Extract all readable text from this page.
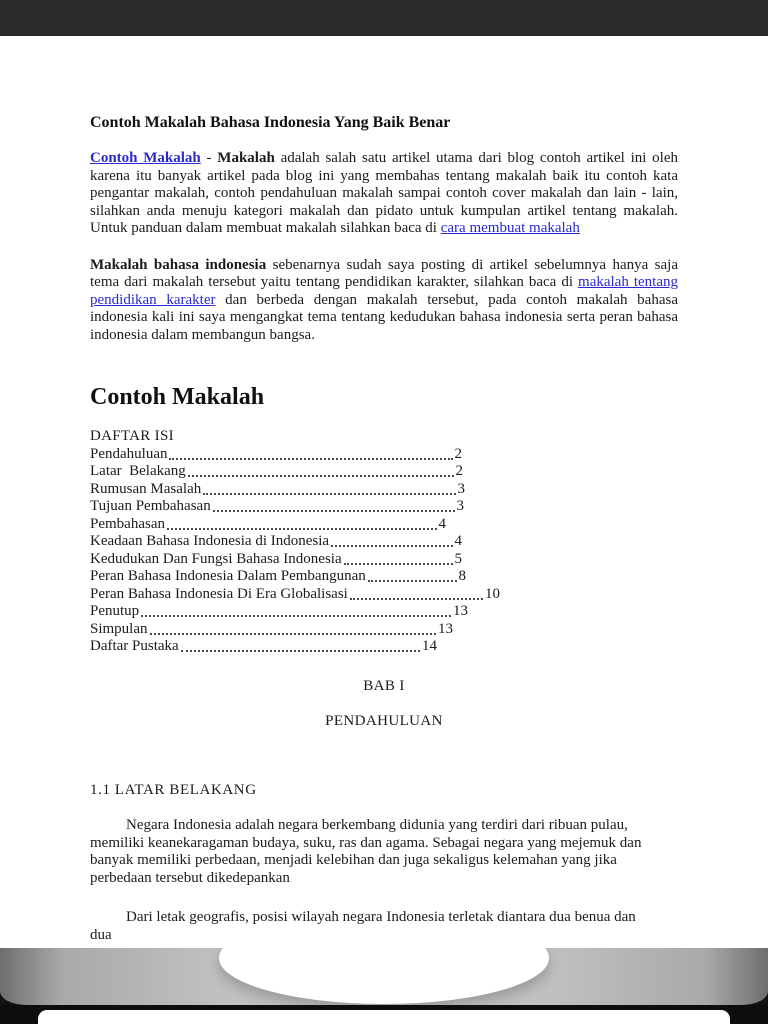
Contoh Makalah Bahasa Indonesia Yang Baik Benar

Contoh Makalah - Makalah adalah salah satu artikel utama dari blog contoh artikel ini oleh karena itu banyak artikel pada blog ini yang membahas tentang makalah baik itu contoh kata pengantar makalah, contoh pendahuluan makalah sampai contoh cover makalah dan lain - lain, silahkan anda menuju kategori makalah dan pidato untuk kumpulan artikel tentang makalah. Untuk panduan dalam membuat makalah silahkan baca di cara membuat makalah

Makalah bahasa indonesia sebenarnya sudah saya posting di artikel sebelumnya hanya saja tema dari makalah tersebut yaitu tentang pendidikan karakter, silahkan baca di makalah tentang pendidikan karakter dan berbeda dengan makalah tersebut, pada contoh makalah bahasa indonesia kali ini saya mengangkat tema tentang kedudukan bahasa indonesia serta peran bahasa indonesia dalam membangun bangsa.

Contoh Makalah
DAFTAR ISI
Pendahuluan	2
Latar  Belakang	2
Rumusan Masalah	3
Tujuan Pembahasan	3
Pembahasan	4
Keadaan Bahasa Indonesia di Indonesia	4
Kedudukan Dan Fungsi Bahasa Indonesia	5
Peran Bahasa Indonesia Dalam Pembangunan	8
Peran Bahasa Indonesia Di Era Globalisasi	10
Penutup	13
Simpulan	13
Daftar Pustaka	14
BAB I
PENDAHULUAN
1.1 LATAR BELAKANG

Negara Indonesia adalah negara berkembang didunia yang terdiri dari ribuan pulau, memiliki keanekaragaman budaya, suku, ras dan agama. Sebagai negara yang mejemuk dan banyak memiliki perbedaan, menjadi kelebihan dan juga sekaligus kelemahan yang jika perbedaan tersebut dikedepankan

Dari letak geografis, posisi wilayah negara Indonesia terletak diantara dua benua dan dua
